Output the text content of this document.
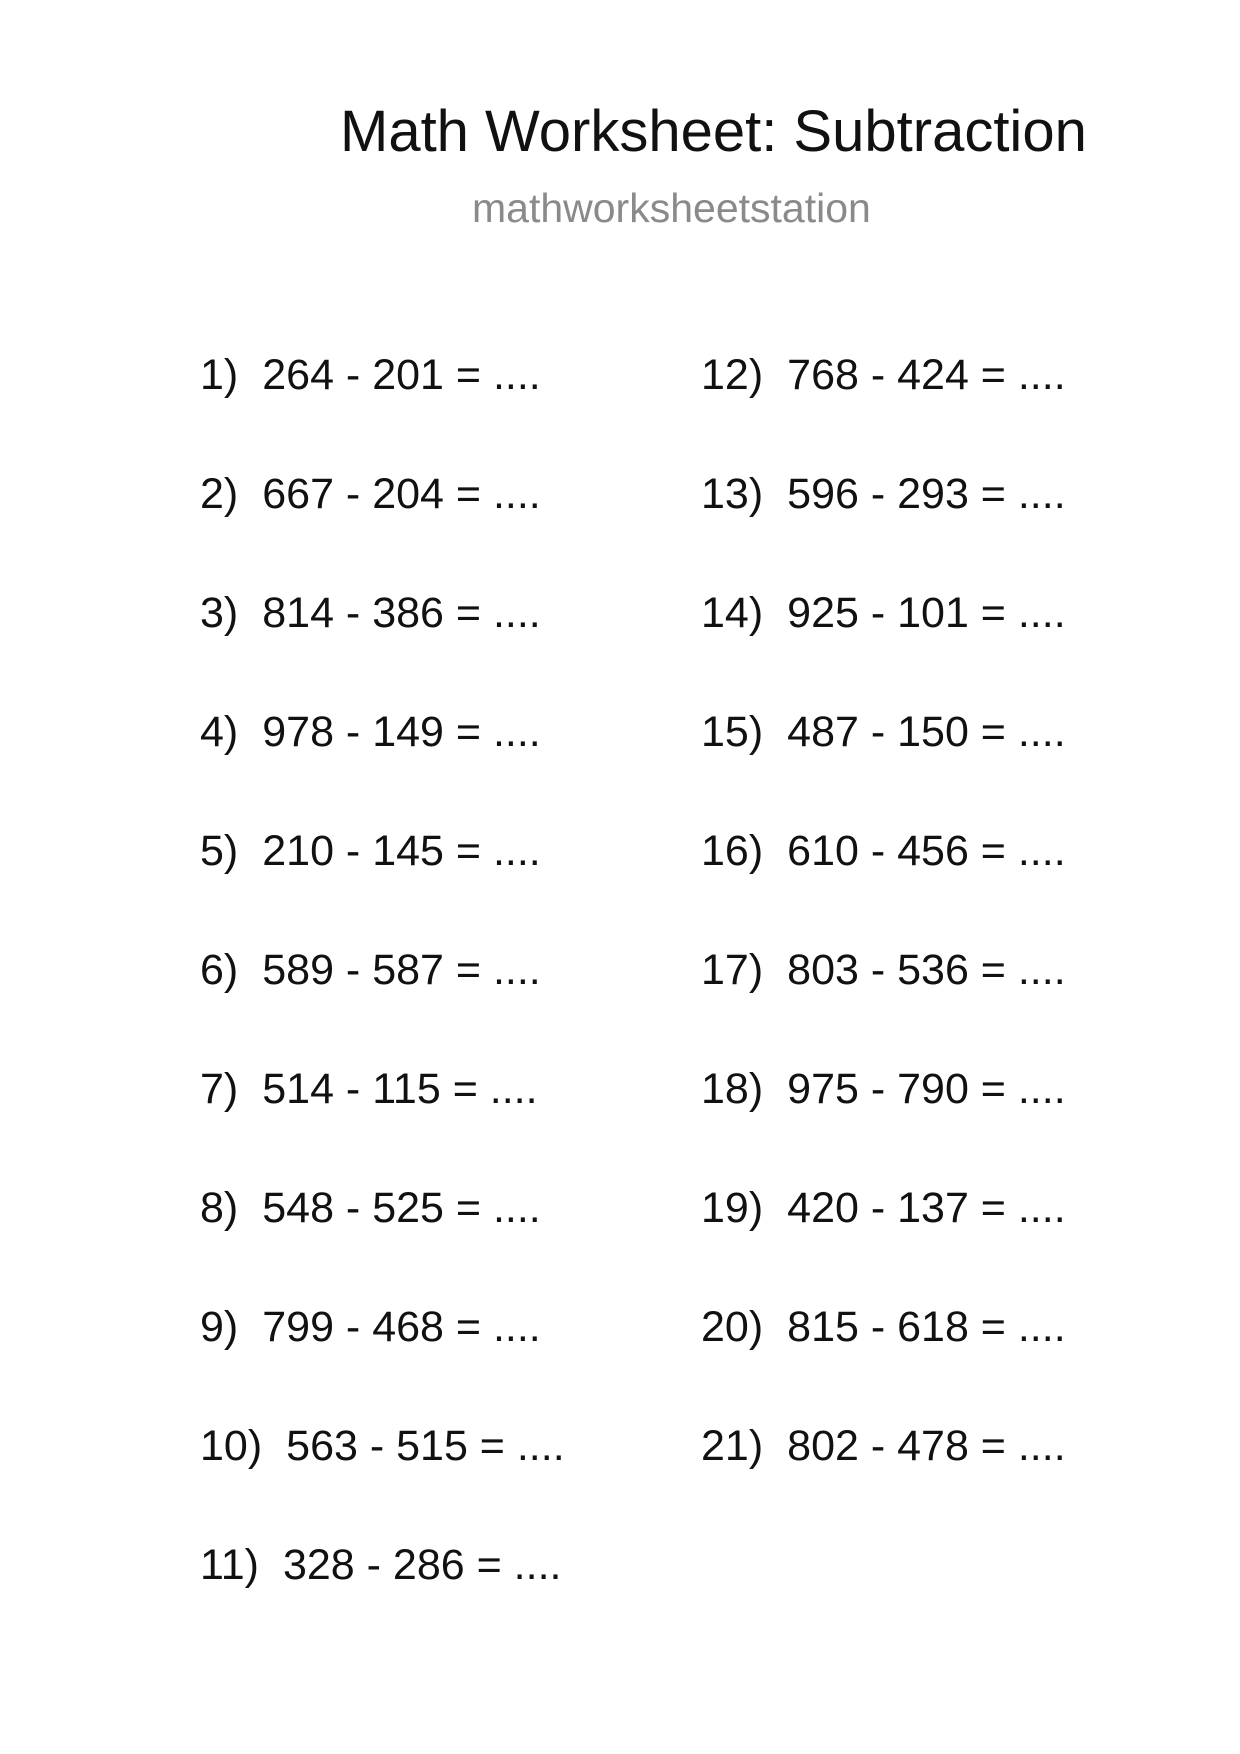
Math Worksheet: Subtraction
mathworksheetstation
1) 264 - 201 = ....
2) 667 - 204 = ....
3) 814 - 386 = ....
4) 978 - 149 = ....
5) 210 - 145 = ....
6) 589 - 587 = ....
7) 514 - 115 = ....
8) 548 - 525 = ....
9) 799 - 468 = ....
10) 563 - 515 = ....
11) 328 - 286 = ....
12) 768 - 424 = ....
13) 596 - 293 = ....
14) 925 - 101 = ....
15) 487 - 150 = ....
16) 610 - 456 = ....
17) 803 - 536 = ....
18) 975 - 790 = ....
19) 420 - 137 = ....
20) 815 - 618 = ....
21) 802 - 478 = ....
